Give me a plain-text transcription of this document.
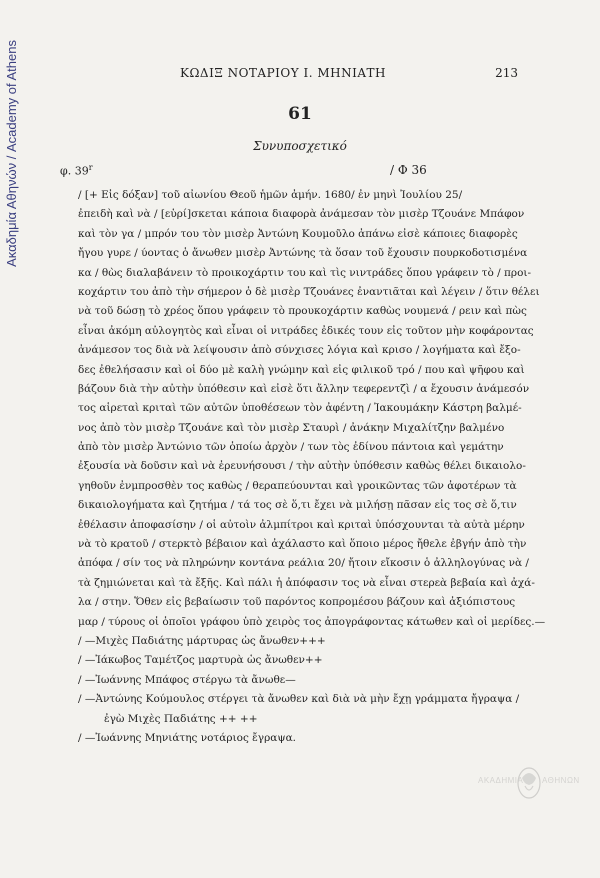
Ακαδημία Αθηνών / Academy of Athens	ΚΩΔΙΞ ΝΟΤΑΡΙΟΥ Ι. ΜΗΝΙΑΤΗ	213
61
Συνυποσχετικό
φ. 39$^r$	/ Φ 36
/ [+ Εἰς δόξαν] τοῦ αἰωνίου Θεοῦ ἡμῶν ἀμήν. 1680/ ἐν μηνὶ Ἰουλίου 25/
ἐπειδὴ καὶ νὰ / [εὑρί]σκεται κάποια διαφορὰ ἀνάμεσαν τὸν μισὲρ Τζουάνε Μπάφον
καὶ τὸν γα / μπρόν του τὸν μισὲρ Ἀντώνη Κουμοῦλο ἀπάνω εἰσὲ κάποιες διαφορὲς
ἤγου γυρε / ύοντας ὁ ἄνωθεν μισὲρ Ἀντώνης τὰ ὅσαν τοῦ ἔχουσιν πουρκοδοτισμένα
κα / θὼς διαλαβάνειν τὸ προικοχάρτιν του καὶ τὶς νιντράδες ὅπου γράφειν τὸ / προι-
κοχάρτιν του ἀπὸ τὴν σήμερον ὁ δὲ μισὲρ Τζουάνες ἐναντιᾶται καὶ λέγειν / ὅτιν θέλει
νὰ τοῦ δώσῃ τὸ χρέος ὅπου γράφειν τὸ προυκοχάρτιν καθὼς νουμενά / ρειν καὶ πὼς
εἶναι ἀκόμη αὐλογητὸς καὶ εἶναι οἱ νιτράδες ἐδικές τουν εἰς τοῦτον μὴν κοφάροντας
ἀνάμεσον τος διὰ νὰ λείψουσιν ἀπὸ σύνχισες λόγια καὶ κρισο / λογήματα καὶ ἔξο-
δες ἐθελήσασιν καὶ οἱ δύο μὲ καλὴ γνώμην καὶ εἰς φιλικοῦ τρό / που καὶ ψῆφου καὶ
βάζουν διὰ τὴν αὐτὴν ὑπόθεσιν καὶ εἰσὲ ὅτι ἄλλην τεφερεντζὶ / α ἔχουσιν ἀνάμεσόν
τος αἱρεταὶ κριταὶ τῶν αὐτῶν ὑποθέσεων τὸν ἀφέντη / Ἰακουμάκην Κάστρη βαλμέ-
νος ἀπὸ τὸν μισὲρ Τζουάνε καὶ τὸν μισὲρ Σταυρὶ / ἀνάκην Μιχαλίτζην βαλμένο
ἀπὸ τὸν μισὲρ Ἀντώνιο τῶν ὁποίω ἀρχὸν / των τὸς ἐδίνου πάντοια καὶ γεμάτην
ἐξουσία νὰ δοῦσιν καὶ νὰ ἐρευνήσουσι / τὴν αὐτὴν ὑπόθεσιν καθὼς θέλει δικαιολο-
γηθοῦν ἐνμπροσθὲν τος καθὼς / θεραπεύουνται καὶ γροικῶντας τῶν ἀφοτέρων τὰ
δικαιολογήματα καὶ ζητήμα / τά τος σὲ ὅ,τι ἔχει νὰ μιλήσῃ πᾶσαν εἰς τος σὲ ὅ,τιν
ἐθέλασιν ἀποφασίσην / οἱ αὐτοὶν ἀλμπίτροι καὶ κριταὶ ὑπόσχουνται τὰ αὐτὰ μέρην
νὰ τὸ κρατοῦ / στερκτὸ βέβαιον καὶ ἀχάλαστο καὶ ὅποιο μέρος ἤθελε ἐβγήν ἀπὸ τὴν
ἀπόφα / σίν τος νὰ πληρώνην κοντάνα ρεάλια 20/ ἤτοιν εἴκοσιν ὁ ἀλληλογύνας νὰ /
τὰ ζημιώνεται καὶ τὰ ἔξῆς. Καὶ πάλι ἡ ἀπόφασιν τος νὰ εἶναι στερεὰ βεβαία καὶ ἀχά-
λα / στην. Ὅθεν εἰς βεβαίωσιν τοῦ παρόντος κοπρομέσου βάζουν καὶ ἀξιόπιστους
μαρ / τύρους οἱ ὁποῖοι γράφου ὑπὸ χειρὸς τος ἀπογράφοντας κάτωθεν καὶ οἱ μερίδες.—
/ —Μιχὲς Παδιάτης μάρτυρας ὡς ἄνωθεν+++
/ —Ἰάκωβος Ταμέτζος μαρτυρὰ ὡς ἄνωθεν++
/ —Ἰωάννης Μπάφος στέργω τὰ ἄνωθε—
/ —Ἀντώνης Κούμουλος στέργει τὰ ἄνωθεν καὶ διὰ νὰ μὴν ἔχῃ γράμματα ἤγραψα /
ἐγὼ Μιχὲς Παδιάτης ++ ++
/ —Ἰωάννης Μηνιάτης νοτάριος ἔγραψα.
ΑΚΑΔΗΜΙΑ ΑΘΗΝΩΝ
